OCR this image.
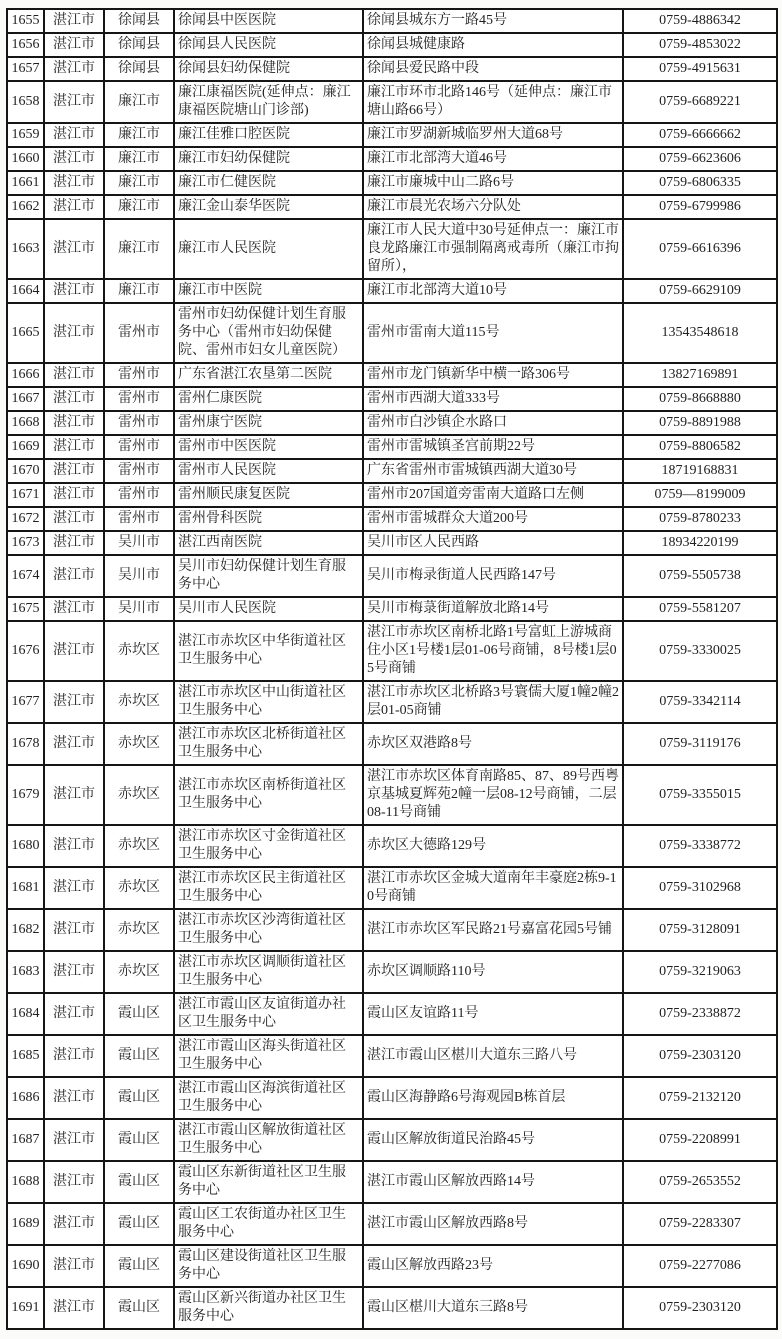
1655	湛江市	徐闻县	徐闻县中医医院	徐闻县城东方一路45号	0759-4886342
1656	湛江市	徐闻县	徐闻县人民医院	徐闻县城健康路	0759-4853022
1657	湛江市	徐闻县	徐闻县妇幼保健院	徐闻县爱民路中段	0759-4915631
1658	湛江市	廉江市	廉江康福医院(延伸点：廉江康福医院塘山门诊部)	廉江市环市北路146号（延伸点：廉江市塘山路66号）	0759-6689221
1659	湛江市	廉江市	廉江佳雅口腔医院	廉江市罗湖新城临罗州大道68号	0759-6666662
1660	湛江市	廉江市	廉江市妇幼保健院	廉江市北部湾大道46号	0759-6623606
1661	湛江市	廉江市	廉江市仁健医院	廉江市廉城中山二路6号	0759-6806335
1662	湛江市	廉江市	廉江金山泰华医院	廉江市晨光农场六分队处	0759-6799986
1663	湛江市	廉江市	廉江市人民医院	廉江市人民大道中30号延伸点一：廉江市良龙路廉江市强制隔离戒毒所（廉江市拘留所），	0759-6616396
1664	湛江市	廉江市	廉江市中医院	廉江市北部湾大道10号	0759-6629109
1665	湛江市	雷州市	雷州市妇幼保健计划生育服务中心（雷州市妇幼保健院、雷州市妇女儿童医院）	雷州市雷南大道115号	13543548618
1666	湛江市	雷州市	广东省湛江农垦第二医院	雷州市龙门镇新华中横一路306号	13827169891
1667	湛江市	雷州市	雷州仁康医院	雷州市西湖大道333号	0759-8668880
1668	湛江市	雷州市	雷州康宁医院	雷州市白沙镇企水路口	0759-8891988
1669	湛江市	雷州市	雷州市中医医院	雷州市雷城镇圣宫前期22号	0759-8806582
1670	湛江市	雷州市	雷州市人民医院	广东省雷州市雷城镇西湖大道30号	18719168831
1671	湛江市	雷州市	雷州顺民康复医院	雷州市207国道旁雷南大道路口左侧	0759—8199009
1672	湛江市	雷州市	雷州骨科医院	雷州市雷城群众大道200号	0759-8780233
1673	湛江市	吴川市	湛江西南医院	吴川市区人民西路	18934220199
1674	湛江市	吴川市	吴川市妇幼保健计划生育服务中心	吴川市梅录街道人民西路147号	0759-5505738
1675	湛江市	吴川市	吴川市人民医院	吴川市梅菉街道解放北路14号	0759-5581207
1676	湛江市	赤坎区	湛江市赤坎区中华街道社区卫生服务中心	湛江市赤坎区南桥北路1号富虹上游城商住小区1号楼1层01-06号商铺，8号楼1层05号商铺	0759-3330025
1677	湛江市	赤坎区	湛江市赤坎区中山街道社区卫生服务中心	湛江市赤坎区北桥路3号寰儒大厦1幢2幢2层01-05商铺	0759-3342114
1678	湛江市	赤坎区	湛江市赤坎区北桥街道社区卫生服务中心	赤坎区双港路8号	0759-3119176
1679	湛江市	赤坎区	湛江市赤坎区南桥街道社区卫生服务中心	湛江市赤坎区体育南路85、87、89号西粤京基城夏辉苑2幢一层08-12号商铺，二层08-11号商铺	0759-3355015
1680	湛江市	赤坎区	湛江市赤坎区寸金街道社区卫生服务中心	赤坎区大德路129号	0759-3338772
1681	湛江市	赤坎区	湛江市赤坎区民主街道社区卫生服务中心	湛江市赤坎区金城大道南年丰豪庭2栋9-10号商铺	0759-3102968
1682	湛江市	赤坎区	湛江市赤坎区沙湾街道社区卫生服务中心	湛江市赤坎区军民路21号嘉富花园5号铺	0759-3128091
1683	湛江市	赤坎区	湛江市赤坎区调顺街道社区卫生服务中心	赤坎区调顺路110号	0759-3219063
1684	湛江市	霞山区	湛江市霞山区友谊街道办社区卫生服务中心	霞山区友谊路11号	0759-2338872
1685	湛江市	霞山区	湛江市霞山区海头街道社区卫生服务中心	湛江市霞山区椹川大道东三路八号	0759-2303120
1686	湛江市	霞山区	湛江市霞山区海滨街道社区卫生服务中心	霞山区海静路6号海观园B栋首层	0759-2132120
1687	湛江市	霞山区	湛江市霞山区解放街道社区卫生服务中心	霞山区解放街道民治路45号	0759-2208991
1688	湛江市	霞山区	霞山区东新街道社区卫生服务中心	湛江市霞山区解放西路14号	0759-2653552
1689	湛江市	霞山区	霞山区工农街道办社区卫生服务中心	湛江市霞山区解放西路8号	0759-2283307
1690	湛江市	霞山区	霞山区建设街道社区卫生服务中心	霞山区解放西路23号	0759-2277086
1691	湛江市	霞山区	霞山区新兴街道办社区卫生服务中心	霞山区椹川大道东三路8号	0759-2303120
